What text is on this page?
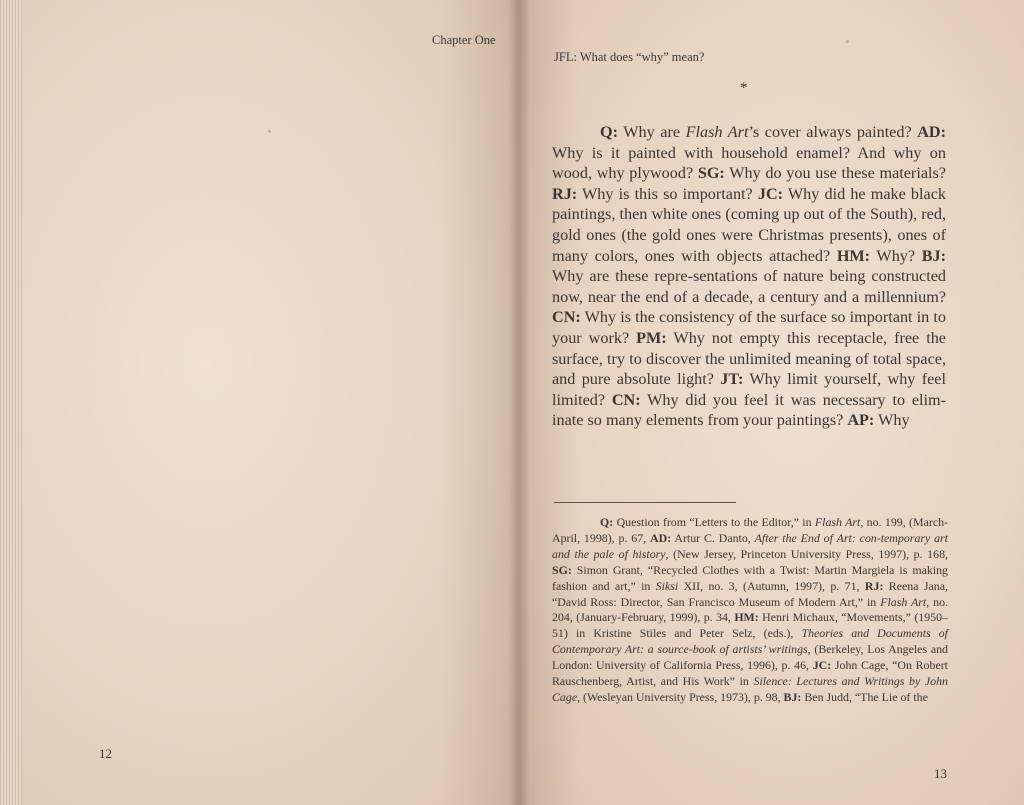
Chapter One
12
JFL: What does “why” mean?
*

Q: Why are Flash Art’s cover always painted? AD: Why is it painted with household enamel? And why on wood, why plywood? SG: Why do you use these materials? RJ: Why is this so important? JC: Why did he make black paintings, then white ones (coming up out of the South), red, gold ones (the gold ones were Christmas presents), ones of many colors, ones with objects attached? HM: Why? BJ: Why are these repre-sentations of nature being constructed now, near the end of a decade, a century and a millennium? CN: Why is the consistency of the surface so important in to your work? PM: Why not empty this receptacle, free the surface, try to discover the unlimited meaning of total space, and pure absolute light? JT: Why limit yourself, why feel limited? CN: Why did you feel it was necessary to elim-inate so many elements from your paintings? AP: Why

Q: Question from “Letters to the Editor,” in Flash Art, no. 199, (March-April, 1998), p. 67, AD: Artur C. Danto, After the End of Art: con-temporary art and the pale of history, (New Jersey, Princeton University Press, 1997), p. 168, SG: Simon Grant, “Recycled Clothes with a Twist: Martin Margiela is making fashion and art,” in Siksi XII, no. 3, (Autumn, 1997), p. 71, RJ: Reena Jana, “David Ross: Director, San Francisco Museum of Modern Art,” in Flash Art, no. 204, (January-February, 1999), p. 34, HM: Henri Michaux, “Movements,” (1950–51) in Kristine Stiles and Peter Selz, (eds.), Theories and Documents of Contemporary Art: a source-book of artists’ writings, (Berkeley, Los Angeles and London: University of California Press, 1996), p. 46, JC: John Cage, “On Robert Rauschenberg, Artist, and His Work” in Silence: Lectures and Writings by John Cage, (Wesleyan University Press, 1973), p. 98, BJ: Ben Judd, “The Lie of the

13
